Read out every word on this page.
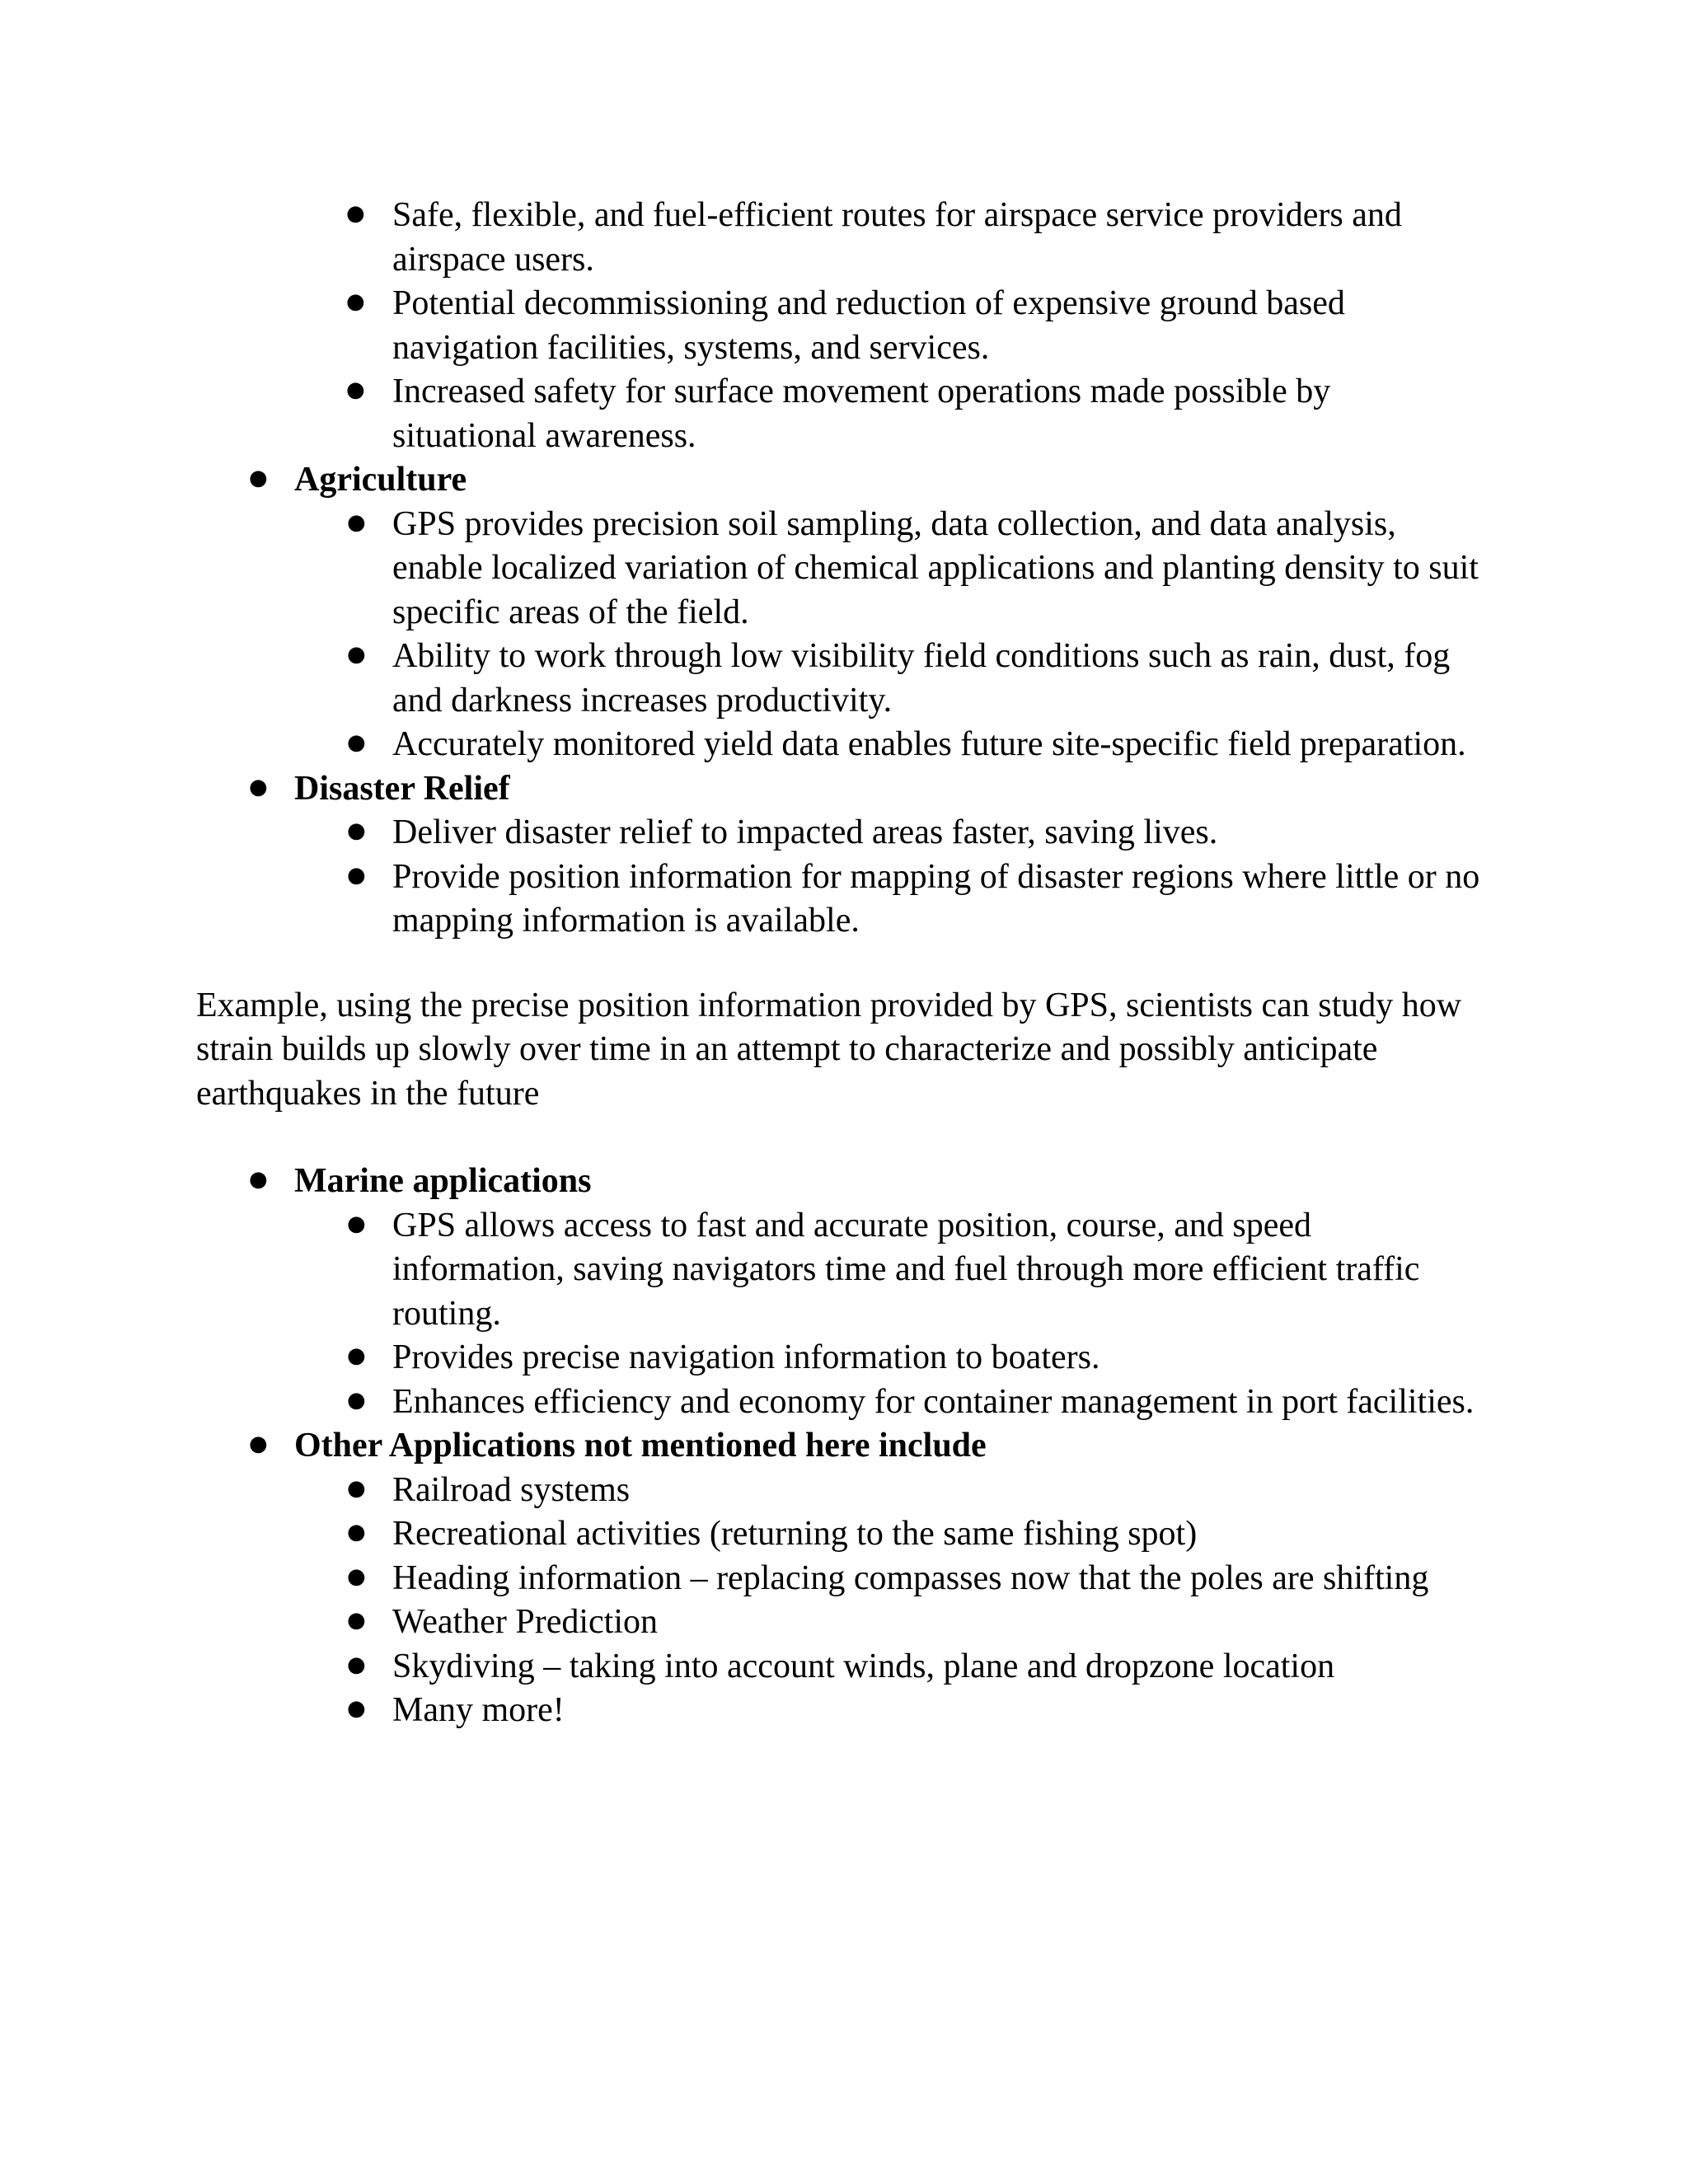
● Safe, flexible, and fuel-efficient routes for airspace service providers and airspace users.
● Potential decommissioning and reduction of expensive ground based navigation facilities, systems, and services.
● Increased safety for surface movement operations made possible by situational awareness.
● Agriculture
● GPS provides precision soil sampling, data collection, and data analysis, enable localized variation of chemical applications and planting density to suit specific areas of the field.
● Ability to work through low visibility field conditions such as rain, dust, fog and darkness increases productivity.
● Accurately monitored yield data enables future site-specific field preparation.
● Disaster Relief
● Deliver disaster relief to impacted areas faster, saving lives.
● Provide position information for mapping of disaster regions where little or no mapping information is available.

Example, using the precise position information provided by GPS, scientists can study how strain builds up slowly over time in an attempt to characterize and possibly anticipate earthquakes in the future

● Marine applications
● GPS allows access to fast and accurate position, course, and speed information, saving navigators time and fuel through more efficient traffic routing.
● Provides precise navigation information to boaters.
● Enhances efficiency and economy for container management in port facilities.
● Other Applications not mentioned here include
● Railroad systems
● Recreational activities (returning to the same fishing spot)
● Heading information – replacing compasses now that the poles are shifting
● Weather Prediction
● Skydiving – taking into account winds, plane and dropzone location
● Many more!
